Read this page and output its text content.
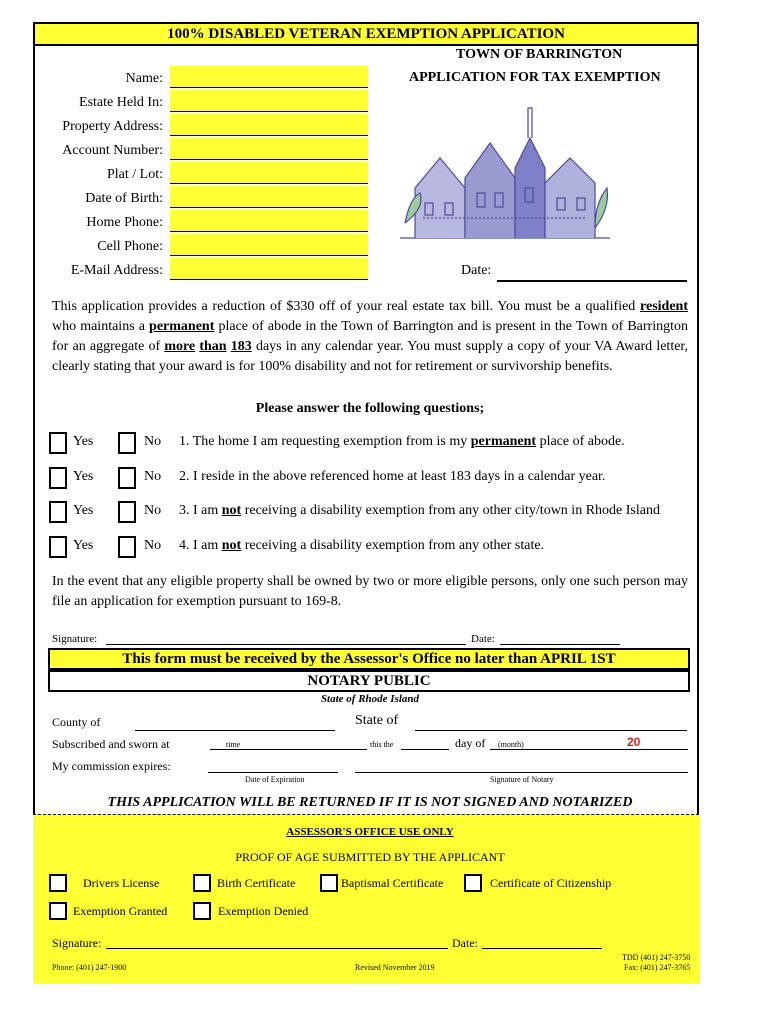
100% DISABLED VETERAN EXEMPTION APPLICATION
TOWN OF BARRINGTON
APPLICATION FOR TAX EXEMPTION
Name:
Estate Held In:
Property Address:
Account Number:
Plat / Lot:
Date of Birth:
Home Phone:
Cell Phone:
E-Mail Address:	Date:
This application provides a reduction of $330 off of your real estate tax bill. You must be a qualified resident who maintains a permanent place of abode in the Town of Barrington and is present in the Town of Barrington for an aggregate of more than 183 days in any calendar year. You must supply a copy of your VA Award letter, clearly stating that your award is for 100% disability and not for retirement or survivorship benefits.
Please answer the following questions;
Yes	No 1. The home I am requesting exemption from is my permanent place of abode.
Yes	No 2. I reside in the above referenced home at least 183 days in a calendar year.
Yes	No 3. I am not receiving a disability exemption from any other city/town in Rhode Island
Yes	No 4. I am not receiving a disability exemption from any other state.
In the event that any eligible property shall be owned by two or more eligible persons, only one such person may file an application for exemption pursuant to 169-8.
Signature:	Date:
This form must be received by the Assessor's Office no later than APRIL 1ST
NOTARY PUBLIC
State of Rhode Island
County of	State of
Subscribed and sworn at	time	this the	day of (month)	20
My commission expires:
Date of Expiration	Signature of Notary
THIS APPLICATION WILL BE RETURNED IF IT IS NOT SIGNED AND NOTARIZED
ASSESSOR'S OFFICE USE ONLY
PROOF OF AGE SUBMITTED BY THE APPLICANT
Drivers License	Birth Certificate	Baptismal Certificate	Certificate of Citizenship
Exemption Granted	Exemption Denied
Signature:	Date:
Phone: (401) 247-1900	Revised November 2019
TDD (401) 247-3750
Fax: (401) 247-3765
